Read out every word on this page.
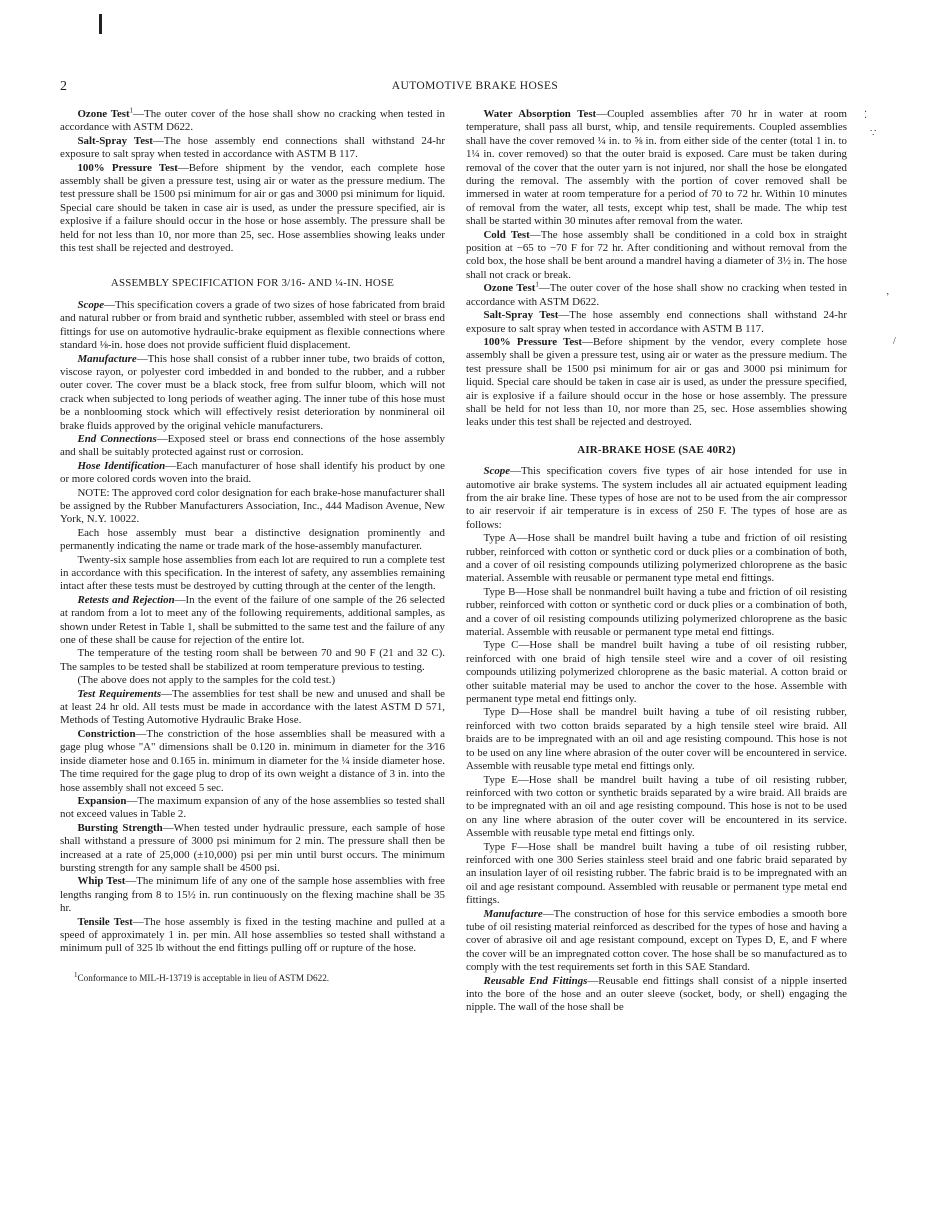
2	AUTOMOTIVE BRAKE HOSES
⁚
∵
ʼ
/

Ozone Test$^1$—The outer cover of the hose shall show no cracking when tested in accordance with ASTM D622.

Salt-Spray Test—The hose assembly end connections shall withstand 24-hr exposure to salt spray when tested in accordance with ASTM B 117.

100% Pressure Test—Before shipment by the vendor, each complete hose assembly shall be given a pressure test, using air or water as the pressure medium. The test pressure shall be 1500 psi minimum for air or gas and 3000 psi minimum for liquid. Special care should be taken in case air is used, as under the pressure specified, air is explosive if a failure should occur in the hose or hose assembly. The pressure shall be held for not less than 10, nor more than 25, sec. Hose assemblies showing leaks under this test shall be rejected and destroyed.

ASSEMBLY SPECIFICATION FOR 3/16- AND ¼-IN. HOSE

Scope—This specification covers a grade of two sizes of hose fabricated from braid and natural rubber or from braid and synthetic rubber, assembled with steel or brass end fittings for use on automotive hydraulic-brake equipment as flexible connections where standard ⅛-in. hose does not provide sufficient fluid displacement.

Manufacture—This hose shall consist of a rubber inner tube, two braids of cotton, viscose rayon, or polyester cord imbedded in and bonded to the rubber, and a rubber outer cover. The cover must be a black stock, free from sulfur bloom, which will not crack when subjected to long periods of weather aging. The inner tube of this hose must be a nonblooming stock which will effectively resist deterioration by nonmineral oil brake fluids approved by the original vehicle manufacturers.

End Connections—Exposed steel or brass end connections of the hose assembly and shall be suitably protected against rust or corrosion.

Hose Identification—Each manufacturer of hose shall identify his product by one or more colored cords woven into the braid.

NOTE: The approved cord color designation for each brake-hose manufacturer shall be assigned by the Rubber Manufacturers Association, Inc., 444 Madison Avenue, New York, N.Y. 10022.

Each hose assembly must bear a distinctive designation prominently and permanently indicating the name or trade mark of the hose-assembly manufacturer.

Twenty-six sample hose assemblies from each lot are required to run a complete test in accordance with this specification. In the interest of safety, any assemblies remaining intact after these tests must be destroyed by cutting through at the center of the length.

Retests and Rejection—In the event of the failure of one sample of the 26 selected at random from a lot to meet any of the following requirements, additional samples, as shown under Retest in Table 1, shall be submitted to the same test and the failure of any one of these shall be cause for rejection of the entire lot.

The temperature of the testing room shall be between 70 and 90 F (21 and 32 C). The samples to be tested shall be stabilized at room temperature previous to testing.

(The above does not apply to the samples for the cold test.)

Test Requirements—The assemblies for test shall be new and unused and shall be at least 24 hr old. All tests must be made in accordance with the latest ASTM D 571, Methods of Testing Automotive Hydraulic Brake Hose.

Constriction—The constriction of the hose assemblies shall be measured with a gage plug whose "A" dimensions shall be 0.120 in. minimum in diameter for the 3⁄16 inside diameter hose and 0.165 in. minimum in diameter for the ¼ inside diameter hose. The time required for the gage plug to drop of its own weight a distance of 3 in. into the hose assembly shall not exceed 5 sec.

Expansion—The maximum expansion of any of the hose assemblies so tested shall not exceed values in Table 2.

Bursting Strength—When tested under hydraulic pressure, each sample of hose shall withstand a pressure of 3000 psi minimum for 2 min. The pressure shall then be increased at a rate of 25,000 (±10,000) psi per min until burst occurs. The minimum bursting strength for any sample shall be 4500 psi.

Whip Test—The minimum life of any one of the sample hose assemblies with free lengths ranging from 8 to 15½ in. run continuously on the flexing machine shall be 35 hr.

Tensile Test—The hose assembly is fixed in the testing machine and pulled at a speed of approximately 1 in. per min. All hose assemblies so tested shall withstand a minimum pull of 325 lb without the end fittings pulling off or rupture of the hose.

$^1$Conformance to MIL-H-13719 is acceptable in lieu of ASTM D622.

Water Absorption Test—Coupled assemblies after 70 hr in water at room temperature, shall pass all burst, whip, and tensile requirements. Coupled assemblies shall have the cover removed ¼ in. to ⅝ in. from either side of the center (total 1 in. to 1¼ in. cover removed) so that the outer braid is exposed. Care must be taken during removal of the cover that the outer yarn is not injured, nor shall the hose be elongated during the removal. The assembly with the portion of cover removed shall be immersed in water at room temperature for a period of 70 to 72 hr. Within 10 minutes of removal from the water, all tests, except whip test, shall be made. The whip test shall be started within 30 minutes after removal from the water.

Cold Test—The hose assembly shall be conditioned in a cold box in straight position at −65 to −70 F for 72 hr. After conditioning and without removal from the cold box, the hose shall be bent around a mandrel having a diameter of 3½ in. The hose shall not crack or break.

Ozone Test$^1$—The outer cover of the hose shall show no cracking when tested in accordance with ASTM D622.

Salt-Spray Test—The hose assembly end connections shall withstand 24-hr exposure to salt spray when tested in accordance with ASTM B 117.

100% Pressure Test—Before shipment by the vendor, every complete hose assembly shall be given a pressure test, using air or water as the pressure medium. The test pressure shall be 1500 psi minimum for air or gas and 3000 psi minimum for liquid. Special care should be taken in case air is used, as under the pressure specified, air is explosive if a failure should occur in the hose or hose assembly. The pressure shall be held for not less than 10, nor more than 25, sec. Hose assemblies showing leaks under this test shall be rejected and destroyed.

AIR-BRAKE HOSE (SAE 40R2)

Scope—This specification covers five types of air hose intended for use in automotive air brake systems. The system includes all air actuated equipment leading from the air brake line. These types of hose are not to be used from the air compressor to air reservoir if air temperature is in excess of 250 F. The types of hose are as follows:

Type A—Hose shall be mandrel built having a tube and friction of oil resisting rubber, reinforced with cotton or synthetic cord or duck plies or a combination of both, and a cover of oil resisting compounds utilizing polymerized chloroprene as the basic material. Assemble with reusable or permanent type metal end fittings.

Type B—Hose shall be nonmandrel built having a tube and friction of oil resisting rubber, reinforced with cotton or synthetic cord or duck plies or a combination of both, and a cover of oil resisting compounds utilizing polymerized chloroprene as the basic material. Assemble with reusable or permanent type metal end fittings.

Type C—Hose shall be mandrel built having a tube of oil resisting rubber, reinforced with one braid of high tensile steel wire and a cover of oil resisting compounds utilizing polymerized chloroprene as the basic material. A cotton braid or other suitable material may be used to anchor the cover to the hose. Assemble with permanent type metal end fittings only.

Type D—Hose shall be mandrel built having a tube of oil resisting rubber, reinforced with two cotton braids separated by a high tensile steel wire braid. All braids are to be impregnated with an oil and age resisting compound. This hose is not to be used on any line where abrasion of the outer cover will be encountered in service. Assemble with reusable type metal end fittings only.

Type E—Hose shall be mandrel built having a tube of oil resisting rubber, reinforced with two cotton or synthetic braids separated by a wire braid. All braids are to be impregnated with an oil and age resisting compound. This hose is not to be used on any line where abrasion of the outer cover will be encountered in its service. Assemble with reusable type metal end fittings only.

Type F—Hose shall be mandrel built having a tube of oil resisting rubber, reinforced with one 300 Series stainless steel braid and one fabric braid separated by an insulation layer of oil resisting rubber. The fabric braid is to be impregnated with an oil and age resistant compound. Assembled with reusable or permanent type metal end fittings.

Manufacture—The construction of hose for this service embodies a smooth bore tube of oil resisting material reinforced as described for the types of hose and having a cover of abrasive oil and age resistant compound, except on Types D, E, and F where the cover will be an impregnated cotton cover. The hose shall be so manufactured as to comply with the test requirements set forth in this SAE Standard.

Reusable End Fittings—Reusable end fittings shall consist of a nipple inserted into the bore of the hose and an outer sleeve (socket, body, or shell) engaging the nipple. The wall of the hose shall be
